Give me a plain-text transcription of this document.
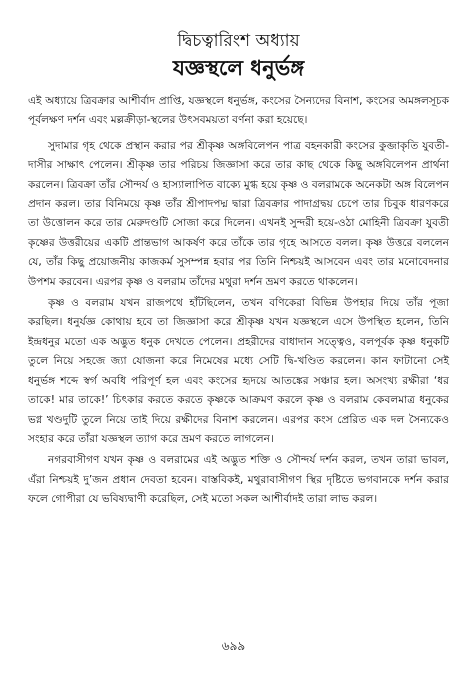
দ্বিচত্বারিংশ অধ্যায়
যজ্ঞস্থলে ধনুর্ভঙ্গ

এই অধ্যায়ে ত্রিবক্রার আশীর্বাদ প্রাপ্তি, যজ্ঞস্থলে ধনুর্ভঙ্গ, কংসের সৈন্যদের বিনাশ, কংসের অমঙ্গলসূচক পূর্বলক্ষণ দর্শন এবং মল্লক্রীড়া-স্থলের উৎসবময়তা বর্ণনা করা হয়েছে।

সুদামার গৃহ থেকে প্রস্থান করার পর শ্রীকৃষ্ণ অঙ্গবিলেপন পাত্র বহনকারী কংসের কুব্জাকৃতি যুবতী-দাসীর সাক্ষাৎ পেলেন। শ্রীকৃষ্ণ তার পরিচয় জিজ্ঞাসা করে তার কাছ থেকে কিছু অঙ্গবিলেপন প্রার্থনা করলেন। ত্রিবক্রা তাঁর সৌন্দর্য ও হাস্যালাপিত বাক্যে মুগ্ধ হয়ে কৃষ্ণ ও বলরামকে অনেকটা অঙ্গ বিলেপন প্রদান করল। তার বিনিময়ে কৃষ্ণ তাঁর শ্রীপাদপদ্ম দ্বারা ত্রিবক্রার পাদাগ্রদ্বয় চেপে তার চিবুক ধারণকরে তা উত্তোলন করে তার মেরুদণ্ডটি সোজা করে দিলেন। এখনই সুন্দরী হয়ে-ওঠা মোহিনী ত্রিবক্রা যুবতী কৃষ্ণের উত্তরীয়ের একটি প্রান্তভাগ আকর্ষণ করে তাঁকে তার গৃহে আসতে বলল। কৃষ্ণ উত্তরে বললেন যে, তাঁর কিছু প্রয়োজনীয় কাজকর্ম সুসম্পন্ন হবার পর তিনি নিশ্চয়ই আসবেন এবং তার মনোবেদনার উপশম করবেন। এরপর কৃষ্ণ ও বলরাম তাঁদের মথুরা দর্শন ভ্রমণ করতে থাকলেন।

কৃষ্ণ ও বলরাম যখন রাজপথে হাঁটছিলেন, তখন বণিকেরা বিভিন্ন উপহার দিয়ে তাঁর পূজা করছিল। ধনুর্যজ্ঞ কোথায় হবে তা জিজ্ঞাসা করে শ্রীকৃষ্ণ যখন যজ্ঞস্থলে এসে উপস্থিত হলেন, তিনি ইন্দ্রধনুর মতো এক অদ্ভুত ধনুক দেখতে পেলেন। প্রহরীদের বাধাদান সত্ত্বেও, বলপূর্বক কৃষ্ণ ধনুকটি তুলে নিয়ে সহজে জ্যা যোজনা করে নিমেষের মধ্যে সেটি দ্বি-খণ্ডিত করলেন। কান ফাটানো সেই ধনুর্ভঙ্গ শব্দে স্বর্গ অবধি পরিপূর্ণ হল এবং কংসের হৃদয়ে আতঙ্কের সঞ্চার হল। অসংখ্য রক্ষীরা ‘ধর তাকে! মার তাকে!’ চিৎকার করতে করতে কৃষ্ণকে আক্রমণ করলে কৃষ্ণ ও বলরাম কেবলমাত্র ধনুকের ভগ্ন খণ্ডদুটি তুলে নিয়ে তাই দিয়ে রক্ষীদের বিনাশ করলেন। এরপর কংস প্রেরিত এক দল সৈন্যকেও সংহার করে তাঁরা যজ্ঞস্থল ত্যাগ করে ভ্রমণ করতে লাগলেন।

নগরবাসীগণ যখন কৃষ্ণ ও বলরামের এই অদ্ভুত শক্তি ও সৌন্দর্য দর্শন করল, তখন তারা ভাবল, এঁরা নিশ্চয়ই দু’জন প্রধান দেবতা হবেন। বাস্তবিকই, মথুরাবাসীগণ স্থির দৃষ্টিতে ভগবানকে দর্শন করার ফলে গোপীরা যে ভবিষ্যদ্বাণী করেছিল, সেই মতো সকল আশীর্বাদই তারা লাভ করল।

৬৯৯
